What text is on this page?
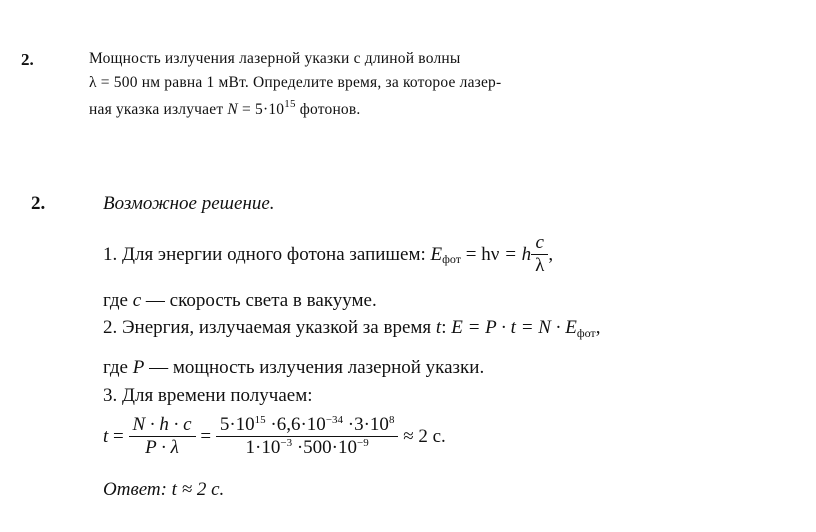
2.	Мощность излучения лазерной указки с длиной волны
λ = 500 нм равна 1 мВт. Определите время, за которое лазер-
ная указка излучает $N = 5\cdot 10^{15}$ фотонов.
2.	Возможное решение.
1. Для энергии одного фотона запишем: $E_{фот} = h\nu = h \frac{c}{\lambda}$ ,
где c — скорость света в вакууме.
2. Энергия, излучаемая указкой за время t: $E = P \cdot t = N \cdot E_{фот}$,
где P — мощность излучения лазерной указки.
3. Для времени получаем:
$t = \frac{N \cdot h \cdot c}{P \cdot \lambda} = \frac{5\cdot 10^{15} \cdot 6,6\cdot 10^{-34} \cdot 3\cdot 10^8}{1\cdot 10^{-3} \cdot 500\cdot 10^{-9}} \approx 2$ с.
Ответ: t ≈ 2 с.
